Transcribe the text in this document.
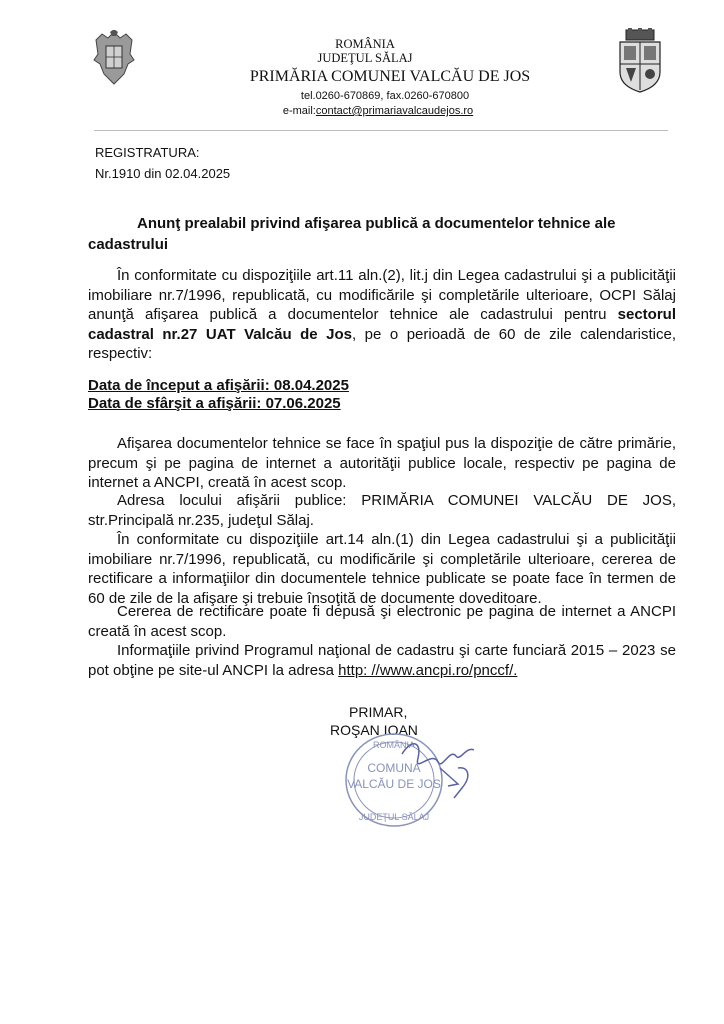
ROMÂNIA
JUDEŢUL SĂLAJ
PRIMĂRIA COMUNEI VALCĂU DE JOS
tel.0260-670869, fax.0260-670800
e-mail:contact@primariavalcaudejos.ro
REGISTRATURA:
Nr.1910 din 02.04.2025
Anunţ prealabil privind afişarea publică a documentelor tehnice ale
cadastrului
În conformitate cu dispoziţiile art.11 aln.(2), lit.j din Legea cadastrului şi a publicităţii imobiliare nr.7/1996, republicată, cu modificările şi completările ulterioare, OCPI Sălaj anunţă afişarea publică a documentelor tehnice ale cadastrului pentru sectorul cadastral nr.27 UAT Valcău de Jos, pe o perioadă de 60 de zile calendaristice, respectiv:
Data de început a afişării: 08.04.2025
Data de sfârşit a afişării: 07.06.2025
Afişarea documentelor tehnice se face în spaţiul pus la dispoziţie de către primărie, precum şi pe pagina de internet a autorităţii publice locale, respectiv pe pagina de internet a ANCPI, creată în acest scop.
Adresa locului afişării publice: PRIMĂRIA COMUNEI VALCĂU DE JOS, str.Principală nr.235, judeţul Sălaj.
În conformitate cu dispoziţiile art.14 aln.(1) din Legea cadastrului şi a publicităţii imobiliare nr.7/1996, republicată, cu modificările şi completările ulterioare, cererea de rectificare a informaţiilor din documentele tehnice publicate se poate face în termen de 60 de zile de la afişare şi trebuie însoţită de documente doveditoare.
Cererea de rectificare poate fi depusă şi electronic pe pagina de internet a ANCPI creată în acest scop.
Informaţiile privind Programul naţional de cadastru şi carte funciară 2015 – 2023 se pot obţine pe site-ul ANCPI la adresa http: //www.ancpi.ro/pnccf/.
PRIMAR,
ROŞAN IOAN
ROMÂNIA
COMUNA
VALCĂU DE JOS
JUDEŢUL SĂLAJ
